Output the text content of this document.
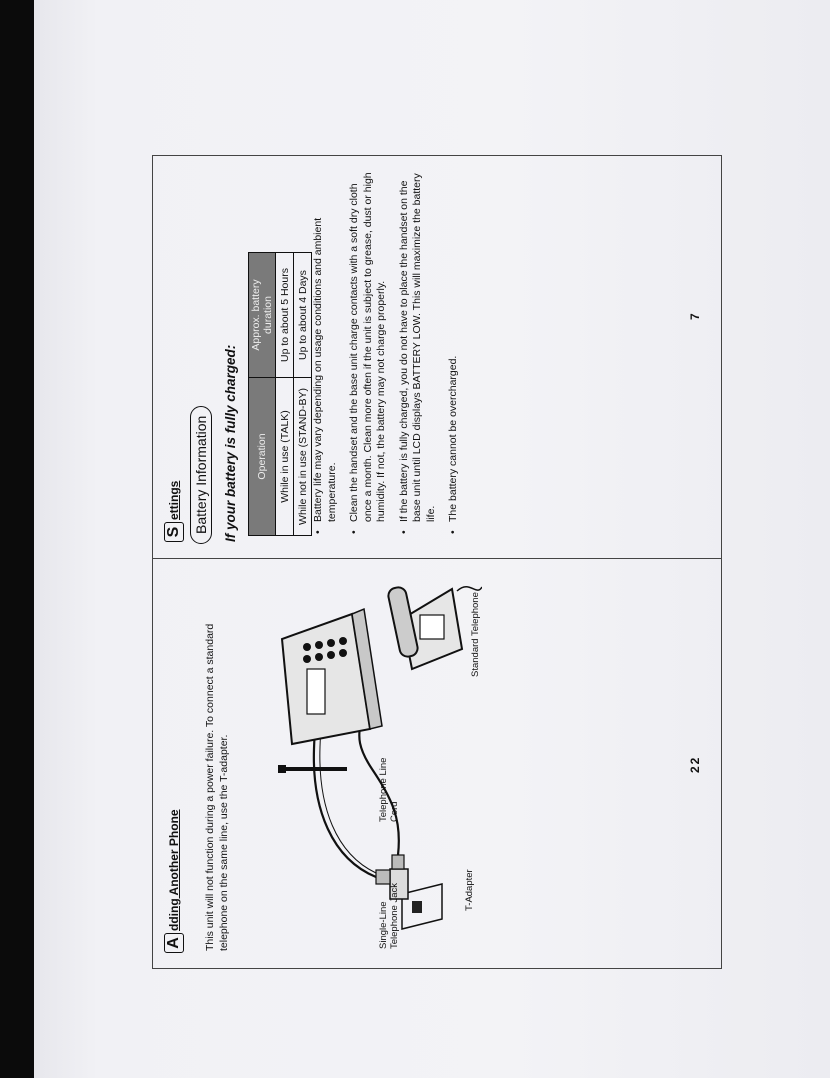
A
dding Another Phone This unit will not function during a power failure. To connect a standard telephone on the same line, use the T-adapter.	Single-Line Telephone Jack
Telephone Line Cord
T-Adapter
Standard Telephone
22
S
ettings Battery Information If your battery is fully charged: Operation	Approx. battery duration
While in use (TALK)	Up to about 5 Hours
While not in use (STAND-BY)	Up to about 4 Days • Battery life may vary depending on usage conditions and ambient temperature. • Clean the handset and the base unit charge contacts with a soft dry cloth once a month. Clean more often if the unit is subject to grease, dust or high humidity. If not, the battery may not charge properly. • If the battery is fully charged, you do not have to place the handset on the base unit until LCD displays BATTERY LOW. This will maximize the battery life. • The battery cannot be overcharged.
7
